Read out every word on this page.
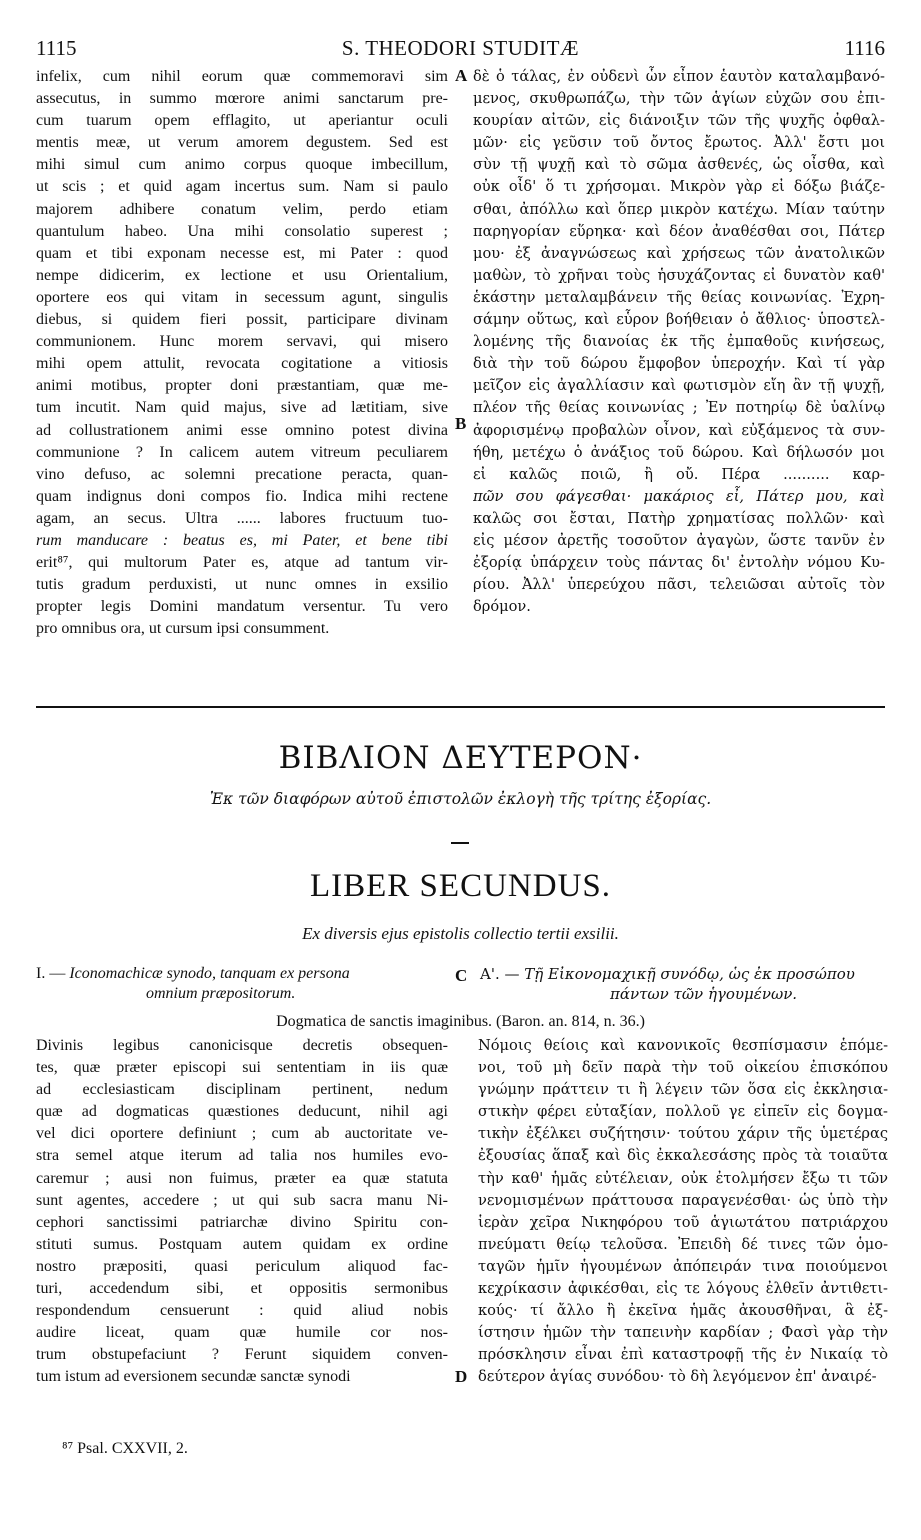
1115	S. THEODORI STUDITÆ	1116
infelix, cum nihil eorum quæ commemoravi sim
assecutus, in summo mœrore animi sanctarum pre-
cum tuarum opem efflagito, ut aperiantur oculi
mentis meæ, ut verum amorem degustem. Sed est
mihi simul cum animo corpus quoque imbecillum,
ut scis ; et quid agam incertus sum. Nam si paulo
majorem adhibere conatum velim, perdo etiam
quantulum habeo. Una mihi consolatio superest ;
quam et tibi exponam necesse est, mi Pater : quod
nempe didicerim, ex lectione et usu Orientalium,
oportere eos qui vitam in secessum agunt, singulis
diebus, si quidem fieri possit, participare divinam
communionem. Hunc morem servavi, qui misero
mihi opem attulit, revocata cogitatione a vitiosis
animi motibus, propter doni præstantiam, quæ me-
tum incutit. Nam quid majus, sive ad lætitiam, sive
ad collustrationem animi esse omnino potest divina
communione ? In calicem autem vitreum peculiarem
vino defuso, ac solemni precatione peracta, quan-
quam indignus doni compos fio. Indica mihi rectene
agam, an secus. Ultra ...... labores fructuum tuo-
rum manducare : beatus es, mi Pater, et bene tibi
erit⁸⁷, qui multorum Pater es, atque ad tantum vir-
tutis gradum perduxisti, ut nunc omnes in exsilio
propter legis Domini mandatum versentur. Tu vero
pro omnibus ora, ut cursum ipsi consumment.
δὲ ὁ τάλας, ἐν οὐδενὶ ὧν εἶπον ἑαυτὸν καταλαμβανό-
μενος, σκυθρωπάζω, τὴν τῶν ἁγίων εὐχῶν σου ἐπι-
κουρίαν αἰτῶν, εἰς διάνοιξιν τῶν τῆς ψυχῆς ὀφθαλ-
μῶν· εἰς γεῦσιν τοῦ ὄντος ἔρωτος. Ἀλλ' ἔστι μοι
σὺν τῇ ψυχῇ καὶ τὸ σῶμα ἀσθενές, ὡς οἶσθα, καὶ
οὐκ οἶδ' ὅ τι χρήσομαι. Μικρὸν γὰρ εἰ δόξω βιάζε-
σθαι, ἀπόλλω καὶ ὅπερ μικρὸν κατέχω. Μίαν ταύτην
παρηγορίαν εὕρηκα· καὶ δέον ἀναθέσθαι σοι, Πάτερ
μου· ἐξ ἀναγνώσεως καὶ χρήσεως τῶν ἀνατολικῶν
μαθὼν, τὸ χρῆναι τοὺς ἡσυχάζοντας εἰ δυνατὸν καθ'
ἑκάστην μεταλαμβάνειν τῆς θείας κοινωνίας. Ἐχρη-
σάμην οὕτως, καὶ εὗρον βοήθειαν ὁ ἄθλιος· ὑποστελ-
λομένης τῆς διανοίας ἐκ τῆς ἐμπαθοῦς κινήσεως,
διὰ τὴν τοῦ δώρου ἔμφοβον ὑπεροχήν. Καὶ τί γὰρ
μεῖζον εἰς ἀγαλλίασιν καὶ φωτισμὸν εἴη ἂν τῇ ψυχῇ,
πλέον τῆς θείας κοινωνίας ; Ἐν ποτηρίῳ δὲ ὑαλίνῳ
ἀφορισμένῳ προβαλὼν οἶνον, καὶ εὐξάμενος τὰ συν-
ήθη, μετέχω ὁ ἀνάξιος τοῦ δώρου. Καὶ δήλωσόν μοι
εἰ καλῶς ποιῶ, ἢ οὔ. Πέρα .......... καρ-
πῶν σου φάγεσθαι· μακάριος εἶ, Πάτερ μου, καὶ
καλῶς σοι ἔσται, Πατὴρ χρηματίσας πολλῶν· καὶ
εἰς μέσον ἀρετῆς τοσοῦτον ἀγαγὼν, ὥστε τανῦν ἐν
ἐξορίᾳ ὑπάρχειν τοὺς πάντας δι' ἐντολὴν νόμου Κυ-
ρίου. Ἀλλ' ὑπερεύχου πᾶσι, τελειῶσαι αὐτοῖς τὸν
δρόμον.
A
B
C
D
ΒΙΒΛΙΟΝ ΔΕΥΤΕΡΟΝ·
Ἐκ τῶν διαφόρων αὐτοῦ ἐπιστολῶν ἐκλογὴ τῆς τρίτης ἐξορίας.
LIBER SECUNDUS.
Ex diversis ejus epistolis collectio tertii exsilii.
I. — Iconomachicæ synodo, tanquam ex persona
omnium præpositorum.
Α'. — Τῇ Εἰκονομαχικῇ συνόδῳ, ὡς ἐκ προσώπου
πάντων τῶν ἡγουμένων.
Dogmatica de sanctis imaginibus. (Baron. an. 814, n. 36.)
Divinis legibus canonicisque decretis obsequen-
tes, quæ præter episcopi sui sententiam in iis quæ
ad ecclesiasticam disciplinam pertinent, nedum
quæ ad dogmaticas quæstiones deducunt, nihil agi
vel dici oportere definiunt ; cum ab auctoritate ve-
stra semel atque iterum ad talia nos humiles evo-
caremur ; ausi non fuimus, præter ea quæ statuta
sunt agentes, accedere ; ut qui sub sacra manu Ni-
cephori sanctissimi patriarchæ divino Spiritu con-
stituti sumus. Postquam autem quidam ex ordine
nostro præpositi, quasi periculum aliquod fac-
turi, accedendum sibi, et oppositis sermonibus
respondendum censuerunt : quid aliud nobis
audire liceat, quam quæ humile cor nos-
trum obstupefaciunt ? Ferunt siquidem conven-
tum istum ad eversionem secundæ sanctæ synodi
Νόμοις θείοις καὶ κανονικοῖς θεσπίσμασιν ἑπόμε-
νοι, τοῦ μὴ δεῖν παρὰ τὴν τοῦ οἰκείου ἐπισκόπου
γνώμην πράττειν τι ἢ λέγειν τῶν ὅσα εἰς ἐκκλησια-
στικὴν φέρει εὐταξίαν, πολλοῦ γε εἰπεῖν εἰς δογμα-
τικὴν ἐξέλκει συζήτησιν· τούτου χάριν τῆς ὑμετέρας
ἐξουσίας ἅπαξ καὶ δὶς ἐκκαλεσάσης πρὸς τὰ τοιαῦτα
τὴν καθ' ἡμᾶς εὐτέλειαν, οὐκ ἐτολμήσεν ἔξω τι τῶν
νενομισμένων πράττουσα παραγενέσθαι· ὡς ὑπὸ τὴν
ἱερὰν χεῖρα Νικηφόρου τοῦ ἁγιωτάτου πατριάρχου
πνεύματι θείῳ τελοῦσα. Ἐπειδὴ δέ τινες τῶν ὁμο-
ταγῶν ἡμῖν ἡγουμένων ἀπόπειράν τινα ποιούμενοι
κεχρίκασιν ἀφικέσθαι, εἰς τε λόγους ἐλθεῖν ἀντιθετι-
κούς· τί ἄλλο ἢ ἐκεῖνα ἡμᾶς ἀκουσθῆναι, ἃ ἐξ-
ίστησιν ἡμῶν τὴν ταπεινὴν καρδίαν ; Φασὶ γὰρ τὴν
πρόσκλησιν εἶναι ἐπὶ καταστροφῇ τῆς ἐν Νικαίᾳ τὸ
δεύτερον ἁγίας συνόδου· τὸ δὴ λεγόμενον ἐπ' ἀναιρέ-
⁸⁷ Psal. CXXVII, 2.
